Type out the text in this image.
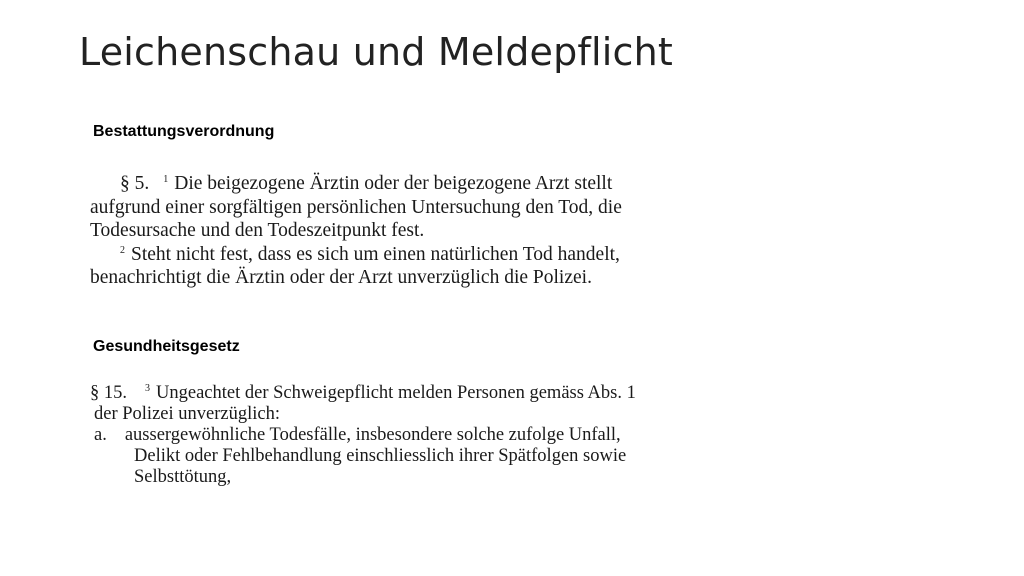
Leichenschau und Meldepflicht
Bestattungsverordnung
§ 5. $^1$ Die beigezogene Ärztin oder der beigezogene Arzt stellt
aufgrund einer sorgfältigen persönlichen Untersuchung den Tod, die
Todesursache und den Todeszeitpunkt fest.
$^2$ Steht nicht fest, dass es sich um einen natürlichen Tod handelt,
benachrichtigt die Ärztin oder der Arzt unverzüglich die Polizei.
Gesundheitsgesetz
§ 15. $^3$ Ungeachtet der Schweigepflicht melden Personen gemäss Abs. 1
der Polizei unverzüglich:
a. aussergewöhnliche Todesfälle, insbesondere solche zufolge Unfall,
Delikt oder Fehlbehandlung einschliesslich ihrer Spätfolgen sowie
Selbsttötung,
